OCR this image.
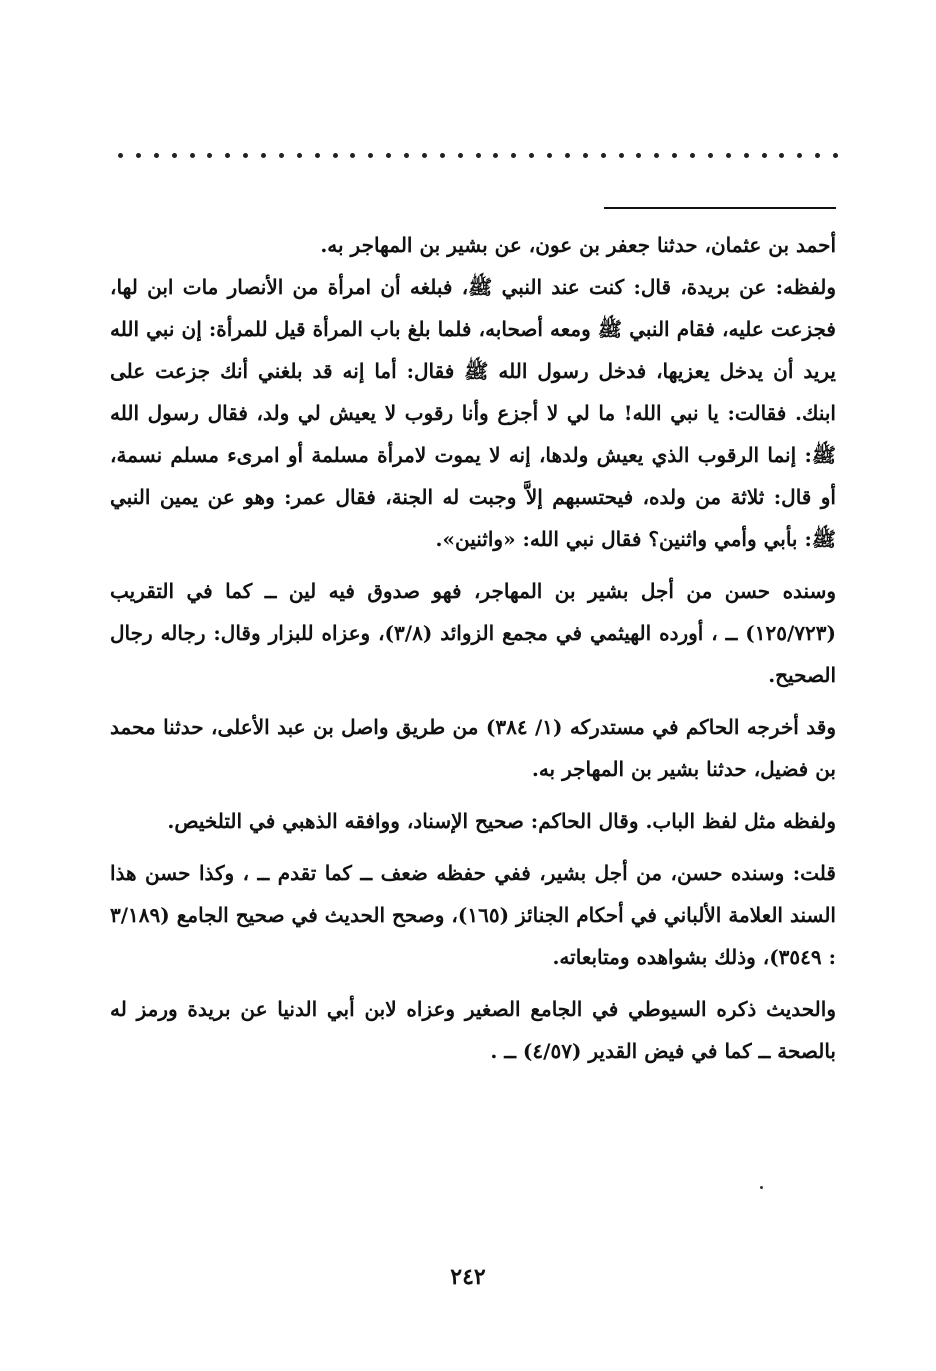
أحمد بن عثمان، حدثنا جعفر بن عون، عن بشير بن المهاجر به.

ولفظه: عن بريدة، قال: كنت عند النبي ﷺ، فبلغه أن امرأة من الأنصار مات ابن لها، فجزعت عليه، فقام النبي ﷺ ومعه أصحابه، فلما بلغ باب المرأة قيل للمرأة: إن نبي الله يريد أن يدخل يعزيها، فدخل رسول الله ﷺ فقال: أما إنه قد بلغني أنك جزعت على ابنك. فقالت: يا نبي الله! ما لي لا أجزع وأنا رقوب لا يعيش لي ولد، فقال رسول الله ﷺ: إنما الرقوب الذي يعيش ولدها، إنه لا يموت لامرأة مسلمة أو امرىء مسلم نسمة، أو قال: ثلاثة من ولده، فيحتسبهم إلاَّ وجبت له الجنة، فقال عمر: وهو عن يمين النبي ﷺ: بأبي وأمي واثنين؟ فقال نبي الله: «واثنين».

وسنده حسن من أجل بشير بن المهاجر، فهو صدوق فيه لين ــ كما في التقريب (١٢٥/٧٢٣) ــ ، أورده الهيثمي في مجمع الزوائد (٣/٨)، وعزاه للبزار وقال: رجاله رجال الصحيح.

وقد أخرجه الحاكم في مستدركه (١/ ٣٨٤) من طريق واصل بن عبد الأعلى، حدثنا محمد بن فضيل، حدثنا بشير بن المهاجر به.

ولفظه مثل لفظ الباب. وقال الحاكم: صحيح الإسناد، ووافقه الذهبي في التلخيص.

قلت: وسنده حسن، من أجل بشير، ففي حفظه ضعف ــ كما تقدم ــ ، وكذا حسن هذا السند العلامة الألباني في أحكام الجنائز (١٦٥)، وصحح الحديث في صحيح الجامع (٣/١٨٩ : ٣٥٤٩)، وذلك بشواهده ومتابعاته.

والحديث ذكره السيوطي في الجامع الصغير وعزاه لابن أبي الدنيا عن بريدة ورمز له بالصحة ــ كما في فيض القدير (٤/٥٧) ــ .

٢٤٢
